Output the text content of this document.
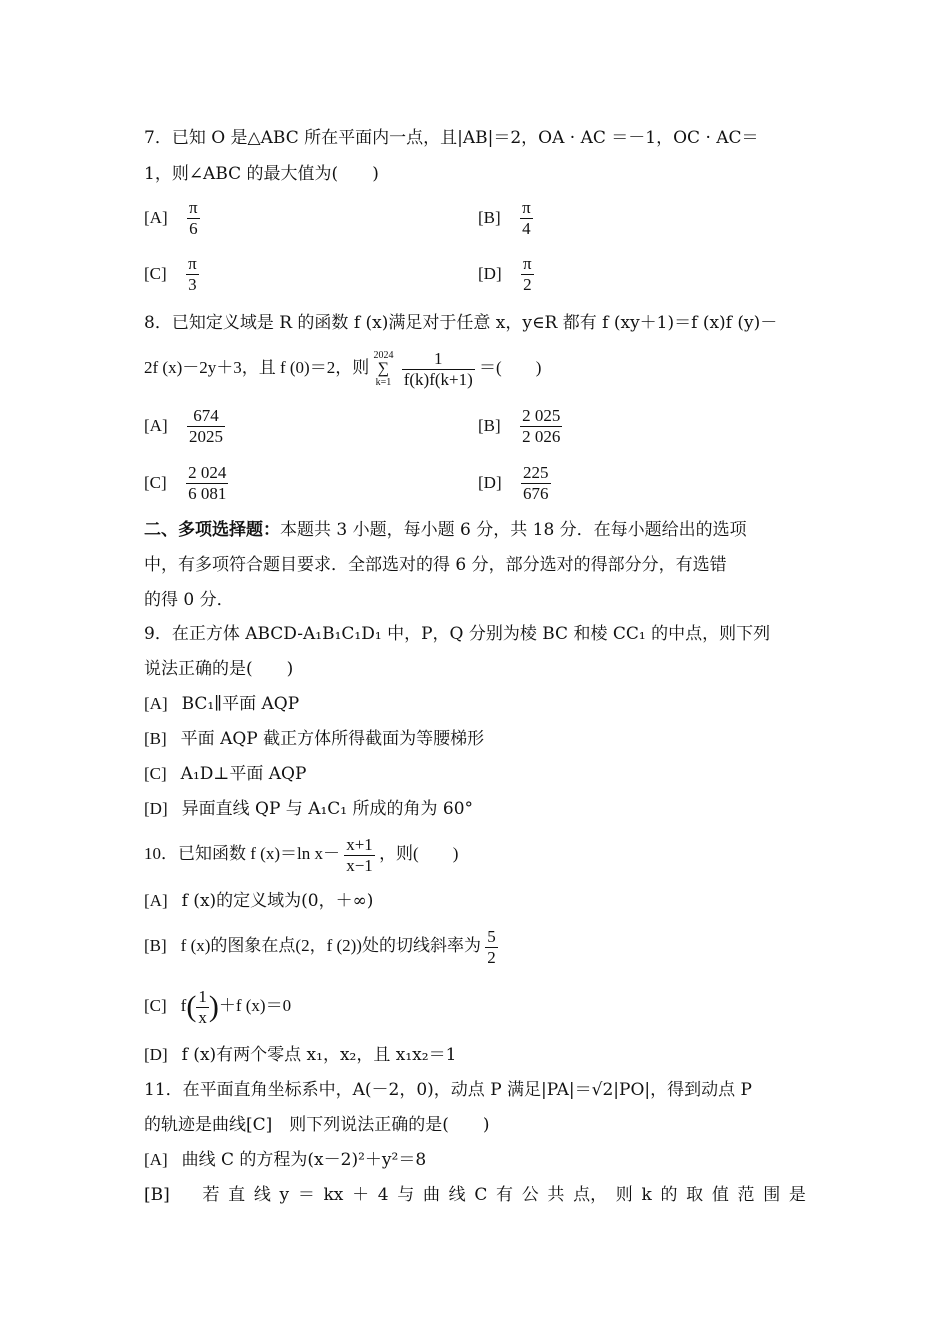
7．已知 O 是△ABC 所在平面内一点，且|AB|＝2，OA · AC ＝－1，OC · AC＝
1，则∠ABC 的最大值为(　　)
$[A] \frac{\pi}{6}$	$[B] \frac{\pi}{4}$
$[C] \frac{\pi}{3}$	$[D] \frac{\pi}{2}$
8．已知定义域是 R 的函数 f (x)满足对于任意 x，y∈R 都有 f (xy＋1)＝f (x)f (y)－
2f (x)－2y＋3，且 f (0)＝2，则 2024
∑
$k=1 \frac{1}{f(k)f(k+1)}$ ＝(　　)
$[A] \frac{674}{2025}$	$[B] \frac{2 025}{2 026}$
$[C] \frac{2 024}{6 081}$	$[D] \frac{225}{676}$
二、多项选择题：本题共 3 小题，每小题 6 分，共 18 分．在每小题给出的选项
中，有多项符合题目要求．全部选对的得 6 分，部分选对的得部分分，有选错
的得 0 分．
9．在正方体 ABCD-A₁B₁C₁D₁ 中，P，Q 分别为棱 BC 和棱 CC₁ 的中点，则下列
说法正确的是(　　)
[A] BC₁∥平面 AQP
[B] 平面 AQP 截正方体所得截面为等腰梯形
[C] A₁D⊥平面 AQP
[D] 异面直线 QP 与 A₁C₁ 所成的角为 60°
10．已知函数 f (x)＝ln $x- \frac{x+1}{x-1}$ ，则(　　)
[A] f (x)的定义域为(0，＋∞)
[B] f (x)的图象在点(2，f (2))处的切线斜率为 $\frac{5}{2}$
[C] $f( \frac{1}{x} )+f$ (x)＝0
[D] f (x)有两个零点 x₁，x₂，且 x₁x₂＝1
11．在平面直角坐标系中，A(－2，0)，动点 P 满足|PA|＝√2|PO|，得到动点 P
的轨迹是曲线[C]　则下列说法正确的是(　　)
[A] 曲线 C 的方程为(x－2)²＋y²＝8
[B] 若 直 线 y ＝ kx ＋ 4 与 曲 线 C 有 公 共 点， 则 k 的 取 值 范 围 是
